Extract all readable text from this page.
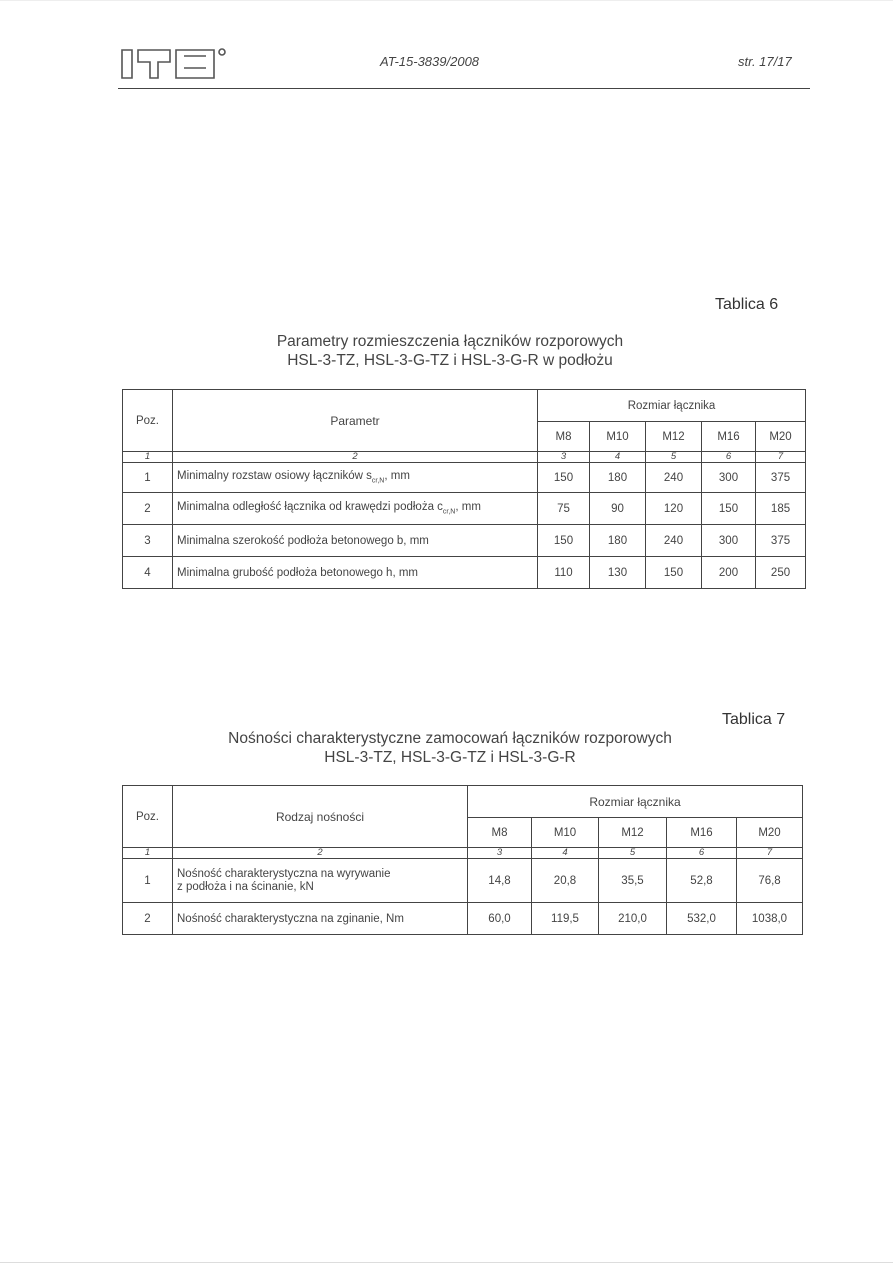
AT-15-3839/2008	str. 17/17
Tablica 6
Parametry rozmieszczenia łączników rozporowych
HSL-3-TZ, HSL-3-G-TZ i HSL-3-G-R w podłożu
Poz.	Parametr	Rozmiar łącznika				
		M8	M10	M12	M16	M20
1	2	3	4	5	6	7
1	Minimalny rozstaw osiowy łączników $s_{cr,N}$, mm	150	180	240	300	375
2	Minimalna odległość łącznika od krawędzi podłoża $c_{cr,N}$, mm	75	90	120	150	185
3	Minimalna szerokość podłoża betonowego b, mm	150	180	240	300	375
4	Minimalna grubość podłoża betonowego h, mm	110	130	150	200	250
Tablica 7
Nośności charakterystyczne zamocowań łączników rozporowych
HSL-3-TZ, HSL-3-G-TZ i HSL-3-G-R
Poz.	Rodzaj nośności	Rozmiar łącznika				
		M8	M10	M12	M16	M20
1	2	3	4	5	6	7
1	Nośność charakterystyczna na wyrywanie
z podłoża i na ścinanie, kN	14,8	20,8	35,5	52,8	76,8
2	Nośność charakterystyczna na zginanie, Nm	60,0	119,5	210,0	532,0	1038,0
